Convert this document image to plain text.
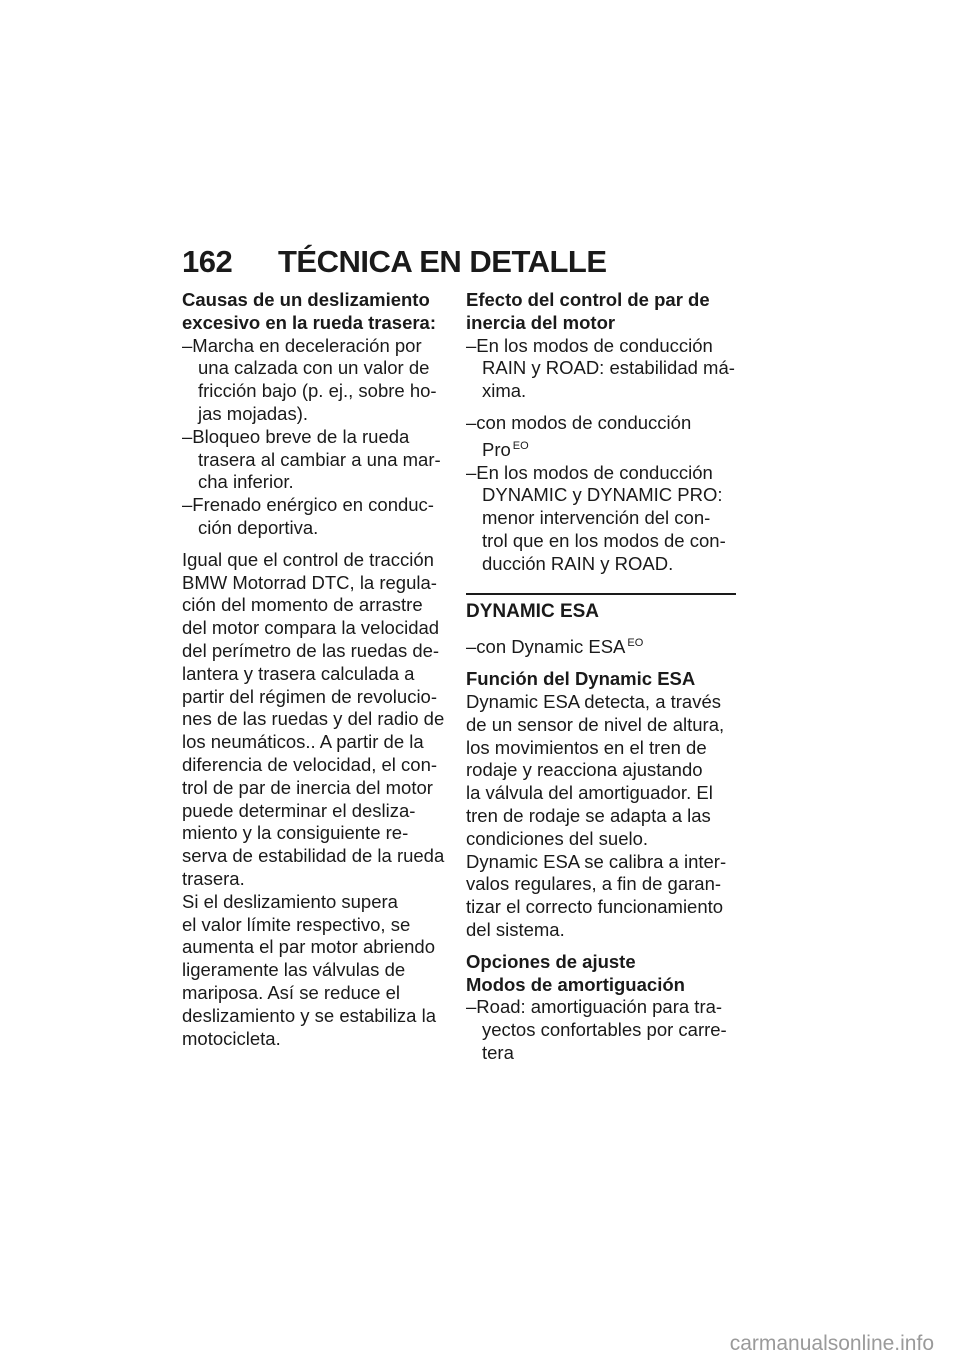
162 TÉCNICA EN DETALLE
Causas de un deslizamiento
excesivo en la rueda trasera:
–Marcha en deceleración por
una calzada con un valor de
fricción bajo (p. ej., sobre ho-
jas mojadas).
–Bloqueo breve de la rueda
trasera al cambiar a una mar-
cha inferior.
–Frenado enérgico en conduc-
ción deportiva.
Igual que el control de tracción
BMW Motorrad DTC, la regula-
ción del momento de arrastre
del motor compara la velocidad
del perímetro de las ruedas de-
lantera y trasera calculada a
partir del régimen de revolucio-
nes de las ruedas y del radio de
los neumáticos.. A partir de la
diferencia de velocidad, el con-
trol de par de inercia del motor
puede determinar el desliza-
miento y la consiguiente re-
serva de estabilidad de la rueda
trasera.
Si el deslizamiento supera
el valor límite respectivo, se
aumenta el par motor abriendo
ligeramente las válvulas de
mariposa. Así se reduce el
deslizamiento y se estabiliza la
motocicleta.
Efecto del control de par de
inercia del motor
–En los modos de conducción
RAIN y ROAD: estabilidad má-
xima.
–con modos de conducción
Pro $^{EO}$
–En los modos de conducción
DYNAMIC y DYNAMIC PRO:
menor intervención del con-
trol que en los modos de con-
ducción RAIN y ROAD.
DYNAMIC ESA
–con Dynamic ESA $^{EO}$
Función del Dynamic ESA
Dynamic ESA detecta, a través
de un sensor de nivel de altura,
los movimientos en el tren de
rodaje y reacciona ajustando
la válvula del amortiguador. El
tren de rodaje se adapta a las
condiciones del suelo.
Dynamic ESA se calibra a inter-
valos regulares, a fin de garan-
tizar el correcto funcionamiento
del sistema.
Opciones de ajuste
Modos de amortiguación
–Road: amortiguación para tra-
yectos confortables por carre-
tera
carmanualsonline.info
